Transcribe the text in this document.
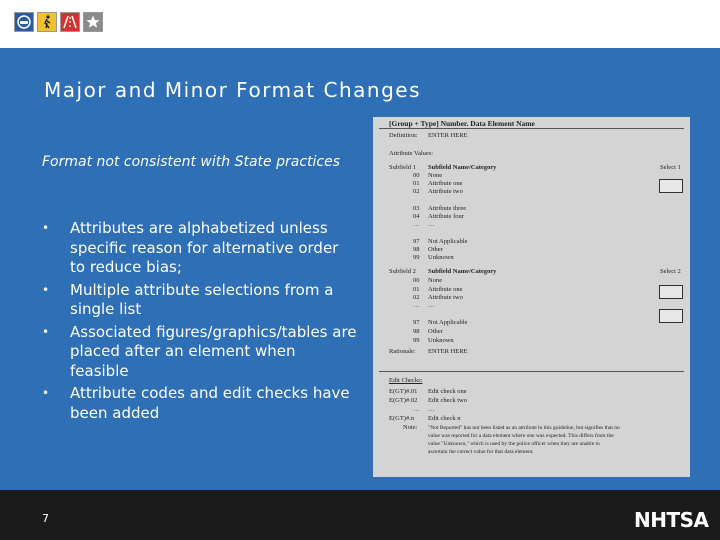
Major and Minor Format Changes
Format not consistent with State practices
• Attributes are alphabetized unless specific reason for alternative order to reduce bias;
• Multiple attribute selections from a single list
• Associated figures/graphics/tables are placed after an element when feasible
• Attribute codes and edit checks have been added
[Group + Type] Number. Data Element Name
Definition: ENTER HERE
Attribute Values:
Subfield 1 Subfield Name/Category	Select 1
00 None
01 Attribute one
02 Attribute two
03 Attribute three
04 Attribute four
… …
97 Not Applicable
98 Other
99 Unknown
Subfield 2 Subfield Name/Category	Select 2
00 None
01 Attribute one
02 Attribute two
… …
97 Not Applicable
98 Other
99 Unknown
Rationale: ENTER HERE
Edit Checks:
E(GT)#.01 Edit check one
E(GT)#.02 Edit check two
… …
E(GT)#.n Edit check n
Note: "Not Reported" has not been listed as an attribute in this guideline, but signifies that no
value was reported for a data element where one was expected. This differs from the
value "Unknown," which is used by the police officer when they are unable to
ascertain the correct value for that data element.
7	NHTSA
